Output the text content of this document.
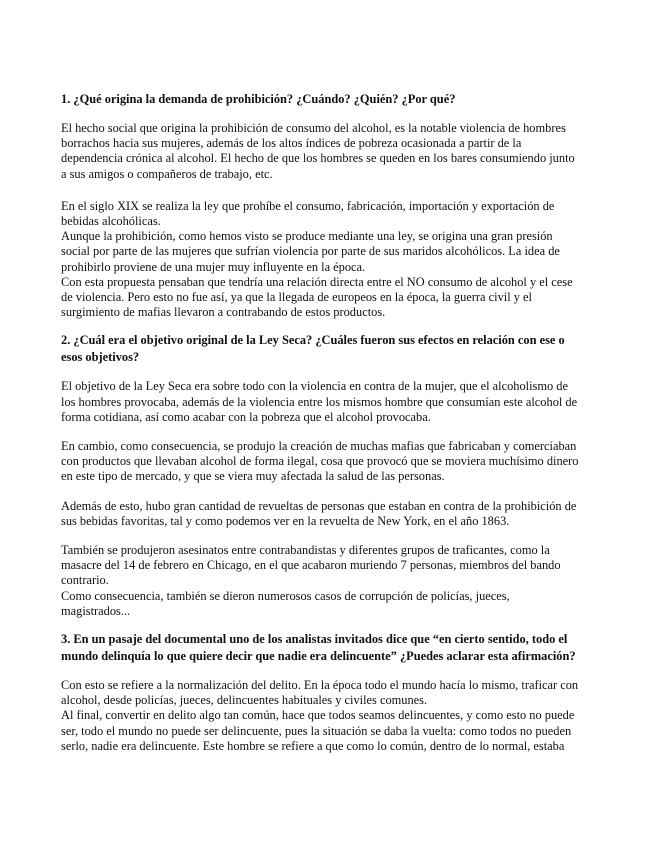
1. ¿Qué origina la demanda de prohibición? ¿Cuándo? ¿Quién? ¿Por qué?
El hecho social que origina la prohibición de consumo del alcohol, es la notable violencia de hombres
borrachos hacia sus mujeres, además de los altos índices de pobreza ocasionada a partir de la
dependencia crónica al alcohol. El hecho de que los hombres se queden en los bares consumiendo junto
a sus amigos o compañeros de trabajo, etc.
En el siglo XIX se realiza la ley que prohíbe el consumo, fabricación, importación y exportación de
bebidas alcohólicas.
Aunque la prohibición, como hemos visto se produce mediante una ley, se origina una gran presión
social por parte de las mujeres que sufrían violencia por parte de sus maridos alcohólicos. La idea de
prohibirlo proviene de una mujer muy influyente en la época.
Con esta propuesta pensaban que tendría una relación directa entre el NO consumo de alcohol y el cese
de violencia. Pero esto no fue así, ya que la llegada de europeos en la época, la guerra civil y el
surgimiento de mafias llevaron a contrabando de estos productos.
2. ¿Cuál era el objetivo original de la Ley Seca? ¿Cuáles fueron sus efectos en relación con ese o
esos objetivos?
El objetivo de la Ley Seca era sobre todo con la violencia en contra de la mujer, que el alcoholismo de
los hombres provocaba, además de la violencia entre los mismos hombre que consumían este alcohol de
forma cotidiana, así como acabar con la pobreza que el alcohol provocaba.
En cambio, como consecuencia, se produjo la creación de muchas mafias que fabricaban y comerciaban
con productos que llevaban alcohol de forma ilegal, cosa que provocó que se moviera muchísimo dinero
en este tipo de mercado, y que se viera muy afectada la salud de las personas.
Además de esto, hubo gran cantidad de revueltas de personas que estaban en contra de la prohibición de
sus bebidas favoritas, tal y como podemos ver en la revuelta de New York, en el año 1863.
También se produjeron asesinatos entre contrabandistas y diferentes grupos de traficantes, como la
masacre del 14 de febrero en Chicago, en el que acabaron muriendo 7 personas, miembros del bando
contrario.
Como consecuencia, también se dieron numerosos casos de corrupción de policías, jueces,
magistrados...
3. En un pasaje del documental uno de los analistas invitados dice que “en cierto sentido, todo el
mundo delinquía lo que quiere decir que nadie era delincuente” ¿Puedes aclarar esta afirmación?
Con esto se refiere a la normalización del delito. En la época todo el mundo hacía lo mismo, traficar con
alcohol, desde policías, jueces, delincuentes habituales y civiles comunes.
Al final, convertir en delito algo tan común, hace que todos seamos delincuentes, y como esto no puede
ser, todo el mundo no puede ser delincuente, pues la situación se daba la vuelta: como todos no pueden
serlo, nadie era delincuente. Este hombre se refiere a que como lo común, dentro de lo normal, estaba
